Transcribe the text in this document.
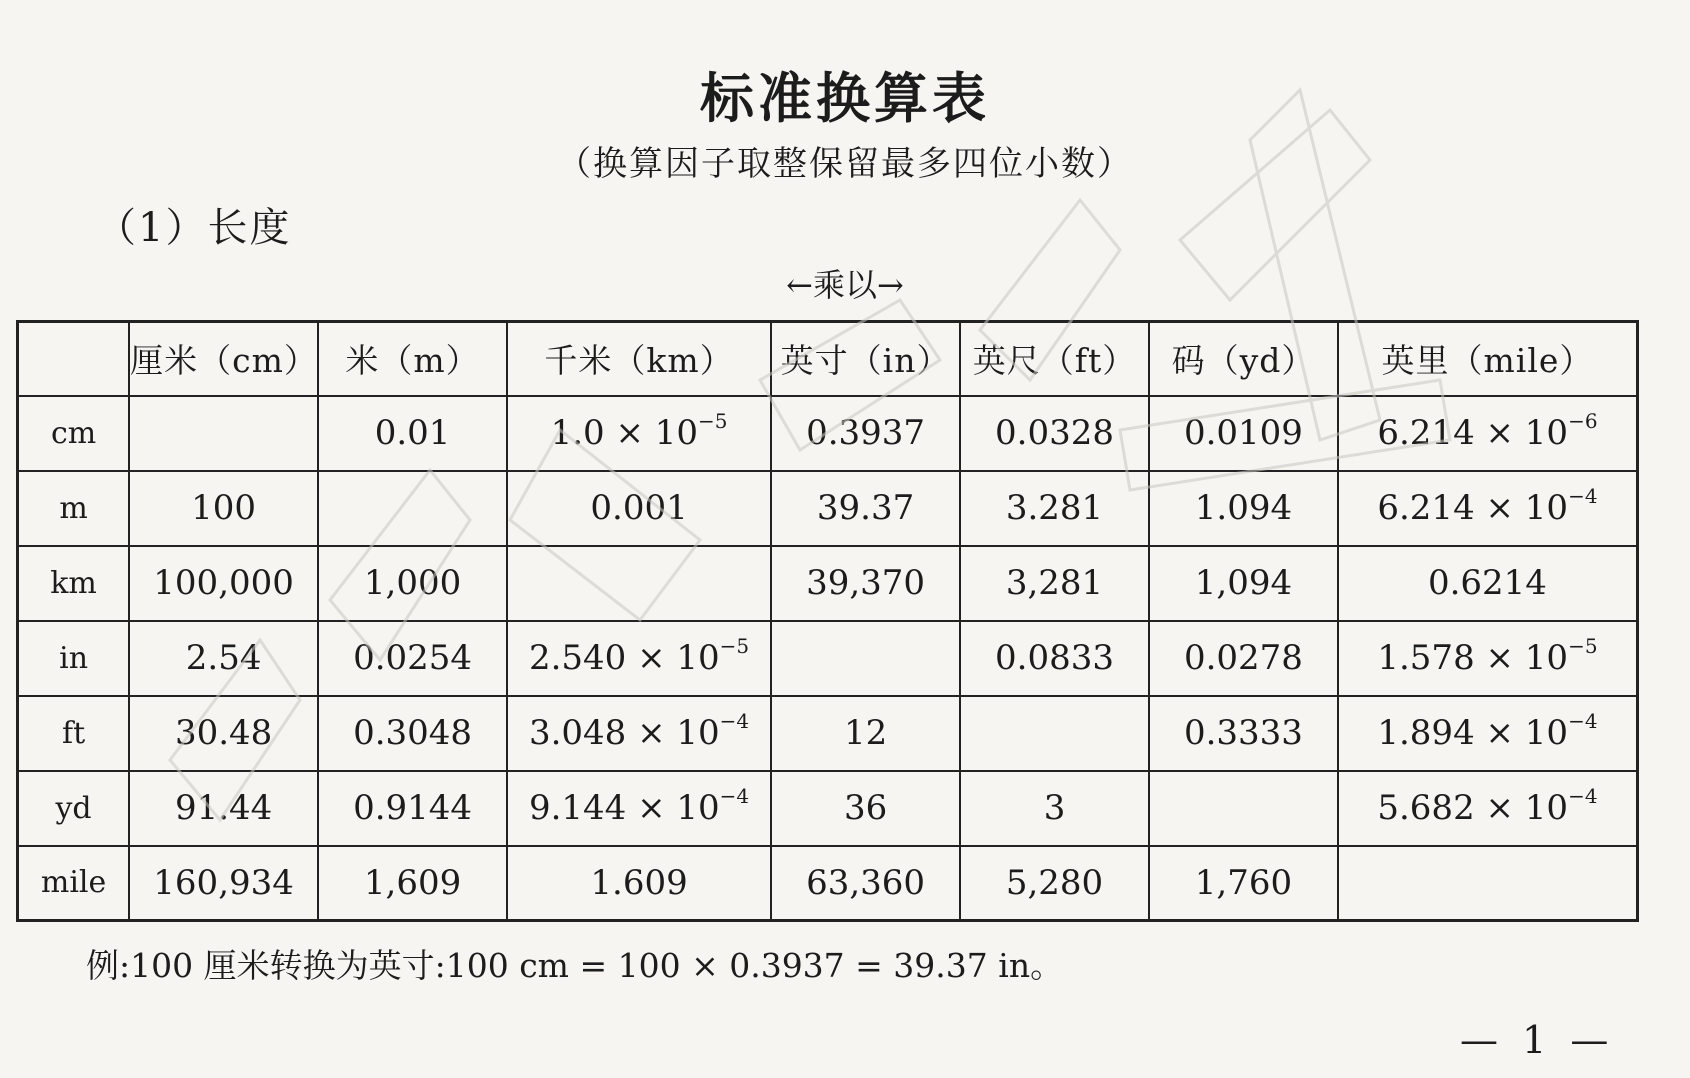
标准换算表
（换算因子取整保留最多四位小数）
（1）长度
←乘以→
	厘米（cm）	米（m）	千米（km）	英寸（in）	英尺（ft）	码（yd）	英里（mile）
cm		0.01	$1.0 \times 10^{-5}$	0.3937	0.0328	0.0109	$6.214 \times 10^{-6}$
m	100		0.001	39.37	3.281	1.094	$6.214 \times 10^{-4}$
km	100,000	1,000		39,370	3,281	1,094	0.6214
in	2.54	0.0254	$2.540 \times 10^{-5}$		0.0833	0.0278	$1.578 \times 10^{-5}$
ft	30.48	0.3048	$3.048 \times 10^{-4}$	12		0.3333	$1.894 \times 10^{-4}$
yd	91.44	0.9144	$9.144 \times 10^{-4}$	36	3		$5.682 \times 10^{-4}$
mile	160,934	1,609	1.609	63,360	5,280	1,760	
例:100 厘米转换为英寸:100 cm = 100 × 0.3937 = 39.37 in。
— 1 —
